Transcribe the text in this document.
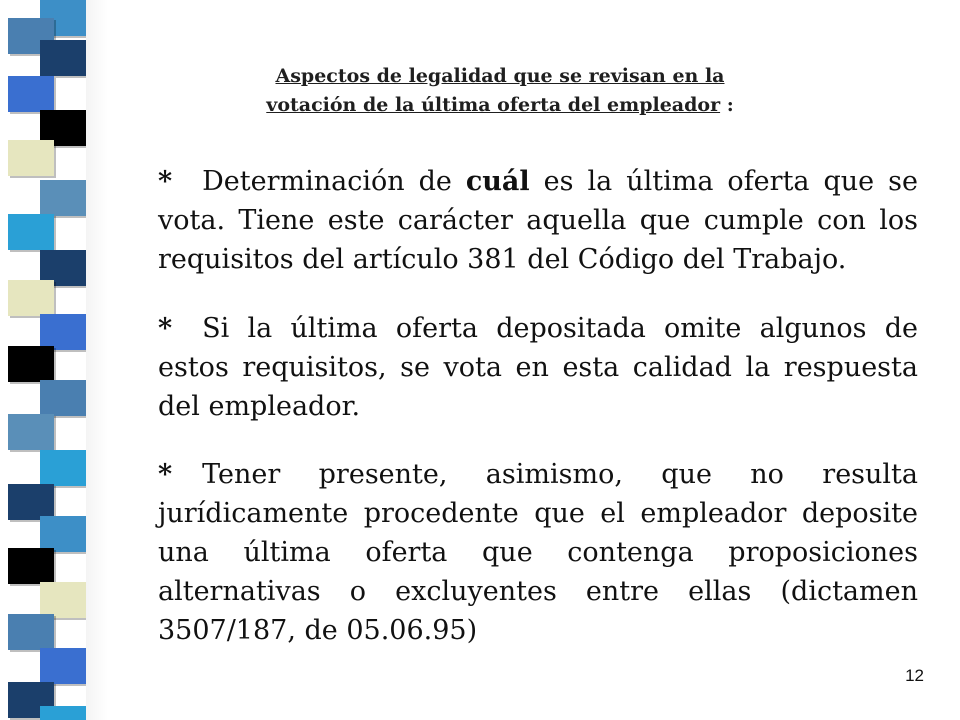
Aspectos de legalidad que se revisan en la
votación de la última oferta del empleador :
* Determinación de cuál es la última oferta que se vota. Tiene este carácter aquella que cumple con los requisitos del artículo 381 del Código del Trabajo.
* Si la última oferta depositada omite algunos de estos requisitos, se vota en esta calidad la respuesta del empleador.
* Tener presente, asimismo, que no resulta jurídicamente procedente que el empleador deposite una última oferta que contenga proposiciones alternativas o excluyentes entre ellas (dictamen 3507/187, de 05.06.95)
12
